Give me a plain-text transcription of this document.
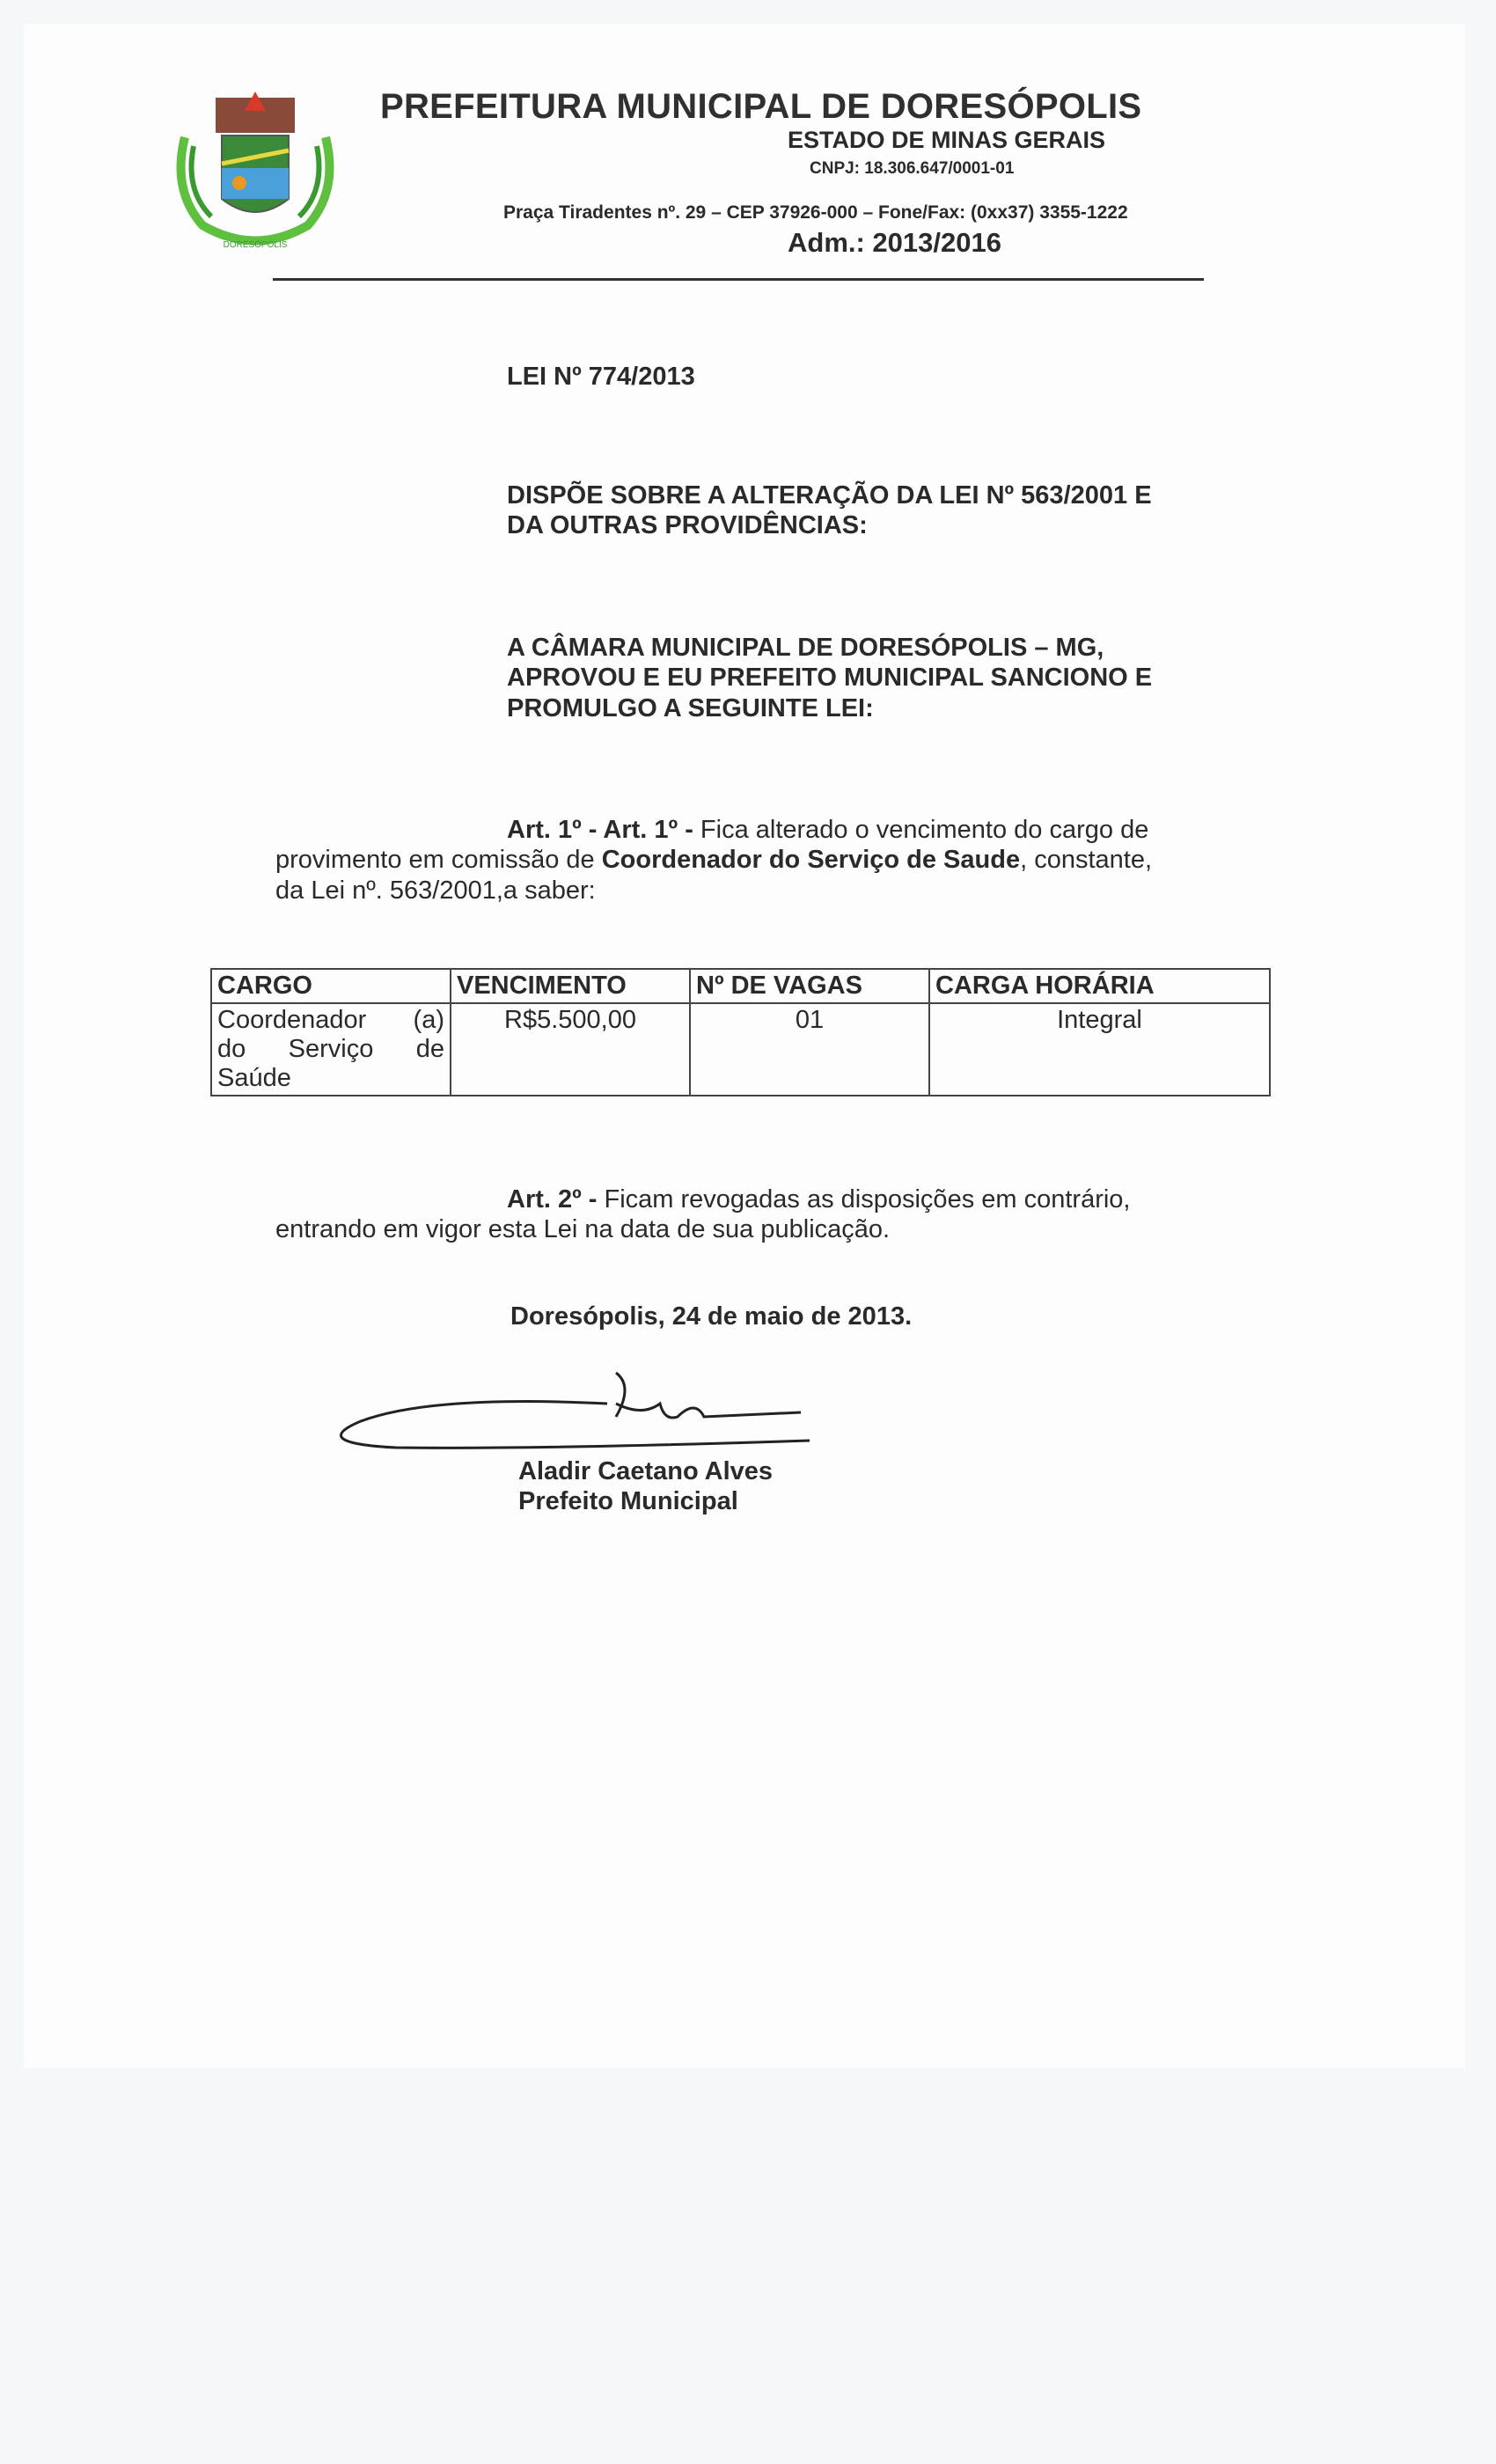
DORESÓPOLIS
PREFEITURA MUNICIPAL DE DORESÓPOLIS
ESTADO DE MINAS GERAIS
CNPJ: 18.306.647/0001-01
Praça Tiradentes nº. 29 – CEP 37926-000 – Fone/Fax: (0xx37) 3355-1222
Adm.: 2013/2016
LEI Nº 774/2013
DISPÕE SOBRE A ALTERAÇÃO DA LEI Nº 563/2001 E
DA OUTRAS PROVIDÊNCIAS:
A CÂMARA MUNICIPAL DE DORESÓPOLIS – MG,
APROVOU E EU PREFEITO MUNICIPAL SANCIONO E
PROMULGO A SEGUINTE LEI:
Art. 1º - Art. 1º - Fica alterado o vencimento do cargo de
provimento em comissão de Coordenador do Serviço de Saude, constante,
da Lei nº. 563/2001,a saber:
CARGO	VENCIMENTO	Nº DE VAGAS	CARGA HORÁRIA

Coordenador (a)
do Serviço de
Saúde	R$5.500,00	01	Integral
Art. 2º - Ficam revogadas as disposições em contrário,
entrando em vigor esta Lei na data de sua publicação.
Doresópolis, 24 de maio de 2013.
Aladir Caetano Alves
Prefeito Municipal
